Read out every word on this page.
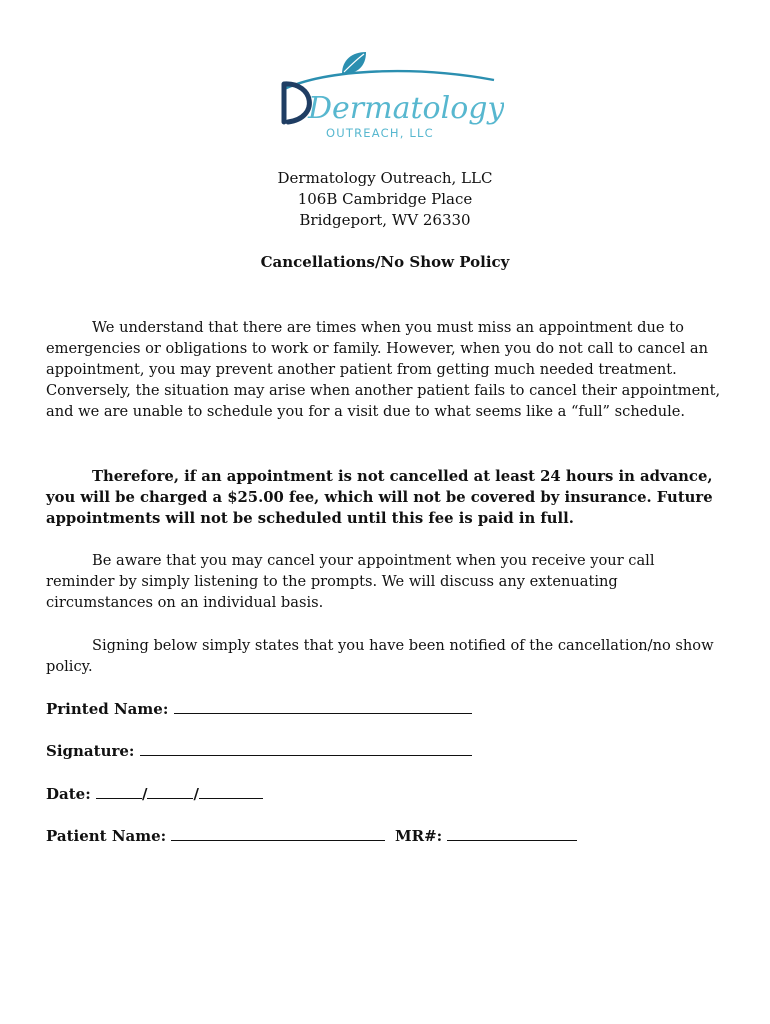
Dermatology
OUTREACH, LLC
Dermatology Outreach, LLC
106B Cambridge Place
Bridgeport, WV 26330
Cancellations/No Show Policy
We understand that there are times when you must miss an appointment due to emergencies or obligations to work or family. However, when you do not call to cancel an appointment, you may prevent another patient from getting much needed treatment. Conversely, the situation may arise when another patient fails to cancel their appointment, and we are unable to schedule you for a visit due to what seems like a “full” schedule.
Therefore, if an appointment is not cancelled at least 24 hours in advance, you will be charged a $25.00 fee, which will not be covered by insurance. Future appointments will not be scheduled until this fee is paid in full.
Be aware that you may cancel your appointment when you receive your call reminder by simply listening to the prompts. We will discuss any extenuating circumstances on an individual basis.
Signing below simply states that you have been notified of the cancellation/no show policy.
Printed Name:
Signature:
Date:	/	/
Patient Name:	MR#:
